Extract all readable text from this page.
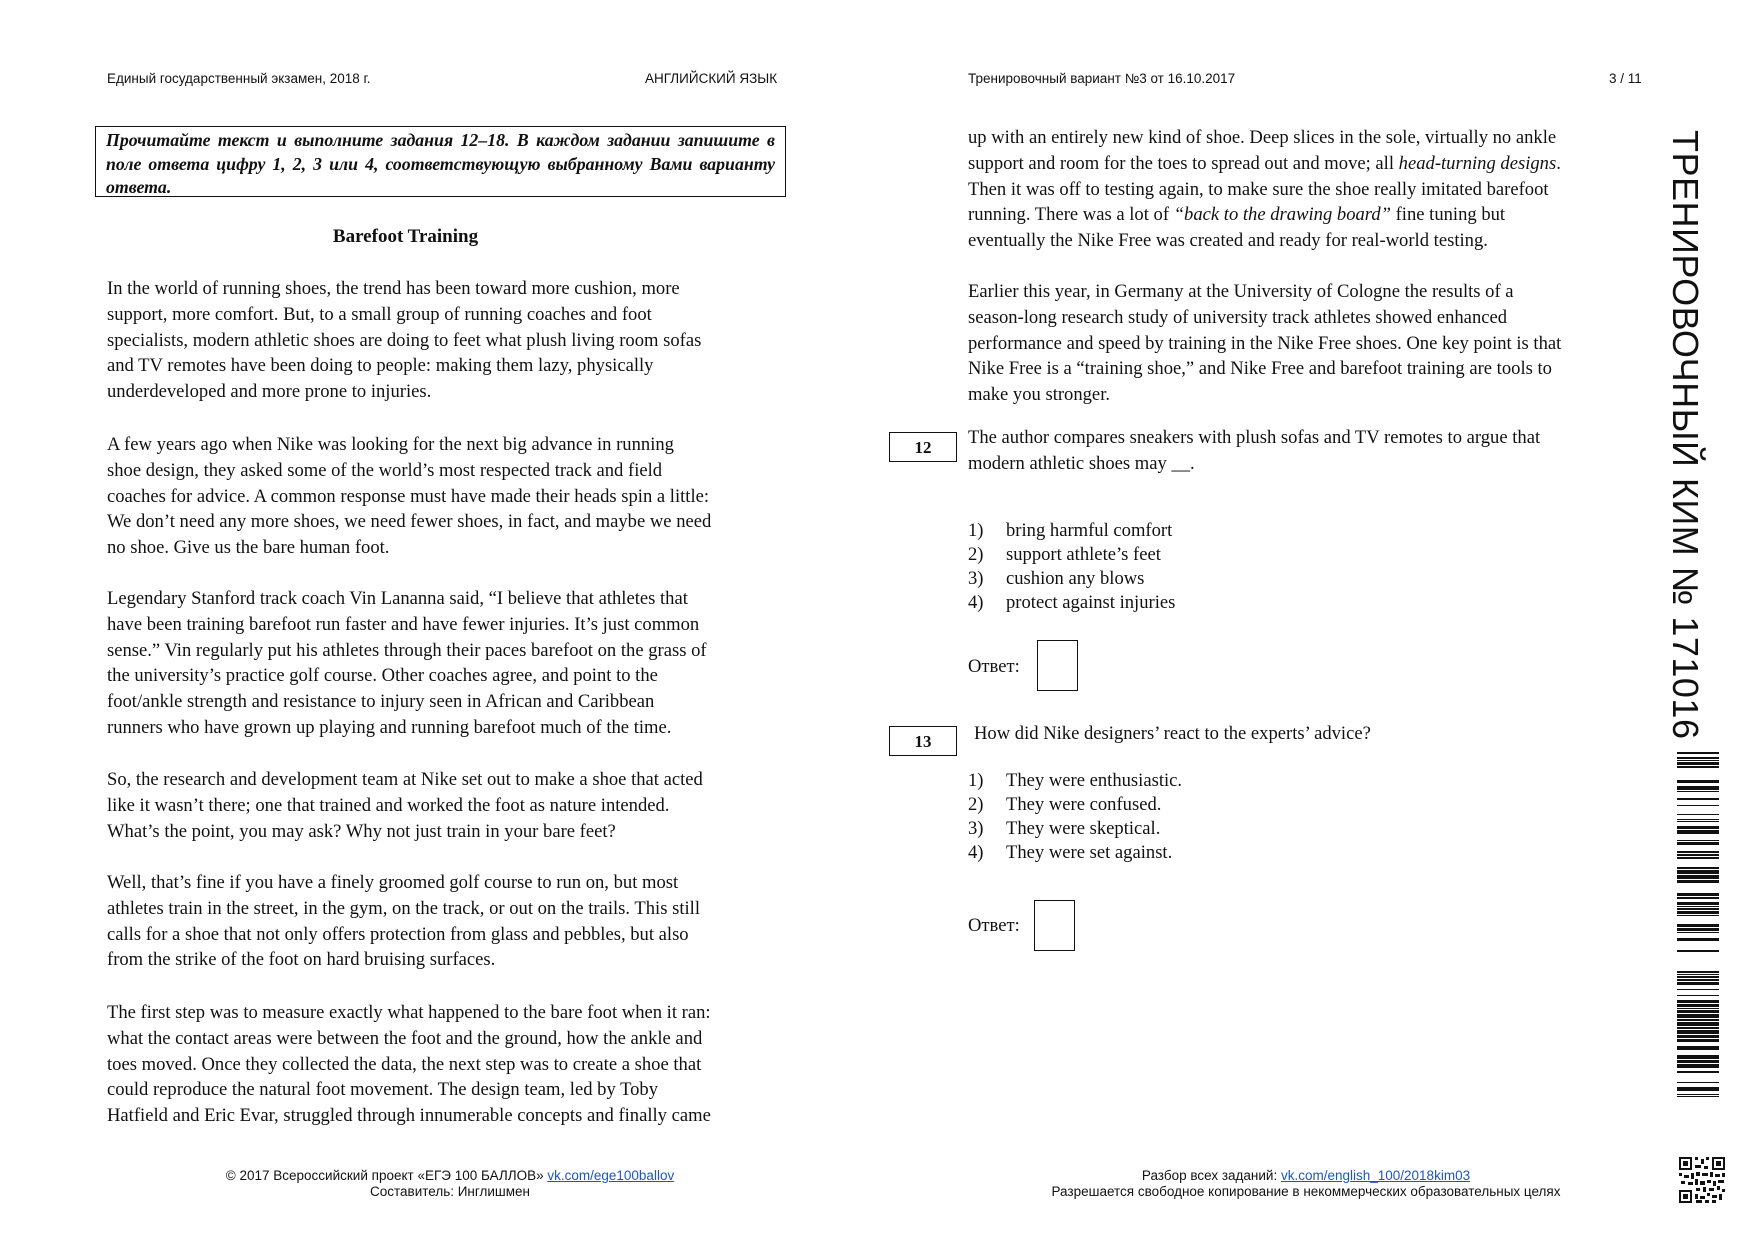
Единый государственный экзамен, 2018 г.	АНГЛИЙСКИЙ ЯЗЫК	Тренировочный вариант №3 от 16.10.2017	3 / 11
Прочитайте текст и выполните задания 12–18. В каждом задании запишите в поле ответа цифру 1, 2, 3 или 4, соответствующую выбранному Вами варианту ответа.
Barefoot Training

In the world of running shoes, the trend has been toward more cushion, more
support, more comfort. But, to a small group of running coaches and foot
specialists, modern athletic shoes are doing to feet what plush living room sofas
and TV remotes have been doing to people: making them lazy, physically
underdeveloped and more prone to injuries.

A few years ago when Nike was looking for the next big advance in running
shoe design, they asked some of the world’s most respected track and field
coaches for advice. A common response must have made their heads spin a little:
We don’t need any more shoes, we need fewer shoes, in fact, and maybe we need
no shoe. Give us the bare human foot.

Legendary Stanford track coach Vin Lananna said, “I believe that athletes that
have been training barefoot run faster and have fewer injuries. It’s just common
sense.” Vin regularly put his athletes through their paces barefoot on the grass of
the university’s practice golf course. Other coaches agree, and point to the
foot/ankle strength and resistance to injury seen in African and Caribbean
runners who have grown up playing and running barefoot much of the time.

So, the research and development team at Nike set out to make a shoe that acted
like it wasn’t there; one that trained and worked the foot as nature intended.
What’s the point, you may ask? Why not just train in your bare feet?

Well, that’s fine if you have a finely groomed golf course to run on, but most
athletes train in the street, in the gym, on the track, or out on the trails. This still
calls for a shoe that not only offers protection from glass and pebbles, but also
from the strike of the foot on hard bruising surfaces.

The first step was to measure exactly what happened to the bare foot when it ran:
what the contact areas were between the foot and the ground, how the ankle and
toes moved. Once they collected the data, the next step was to create a shoe that
could reproduce the natural foot movement. The design team, led by Toby
Hatfield and Eric Evar, struggled through innumerable concepts and finally came

up with an entirely new kind of shoe. Deep slices in the sole, virtually no ankle
support and room for the toes to spread out and move; all head-turning designs.
Then it was off to testing again, to make sure the shoe really imitated barefoot
running. There was a lot of “back to the drawing board” fine tuning but
eventually the Nike Free was created and ready for real-world testing.

Earlier this year, in Germany at the University of Cologne the results of a
season-long research study of university track athletes showed enhanced
performance and speed by training in the Nike Free shoes. One key point is that
Nike Free is a “training shoe,” and Nike Free and barefoot training are tools to
make you stronger.

12	The author compares sneakers with plush sofas and TV remotes to argue that
modern athletic shoes may __.

1) bring harmful comfort
2) support athlete’s feet
3) cushion any blows
4) protect against injuries
Ответ:
13	How did Nike designers’ react to the experts’ advice?

1) They were enthusiastic.
2) They were confused.
3) They were skeptical.
4) They were set against.
Ответ:
ТРЕНИРОВОЧНЫЙ КИМ № 171016
© 2017 Всероссийский проект «ЕГЭ 100 БАЛЛОВ» vk.com/ege100ballov
Составитель: Инглишмен
Разбор всех заданий: vk.com/english_100/2018kim03
Разрешается свободное копирование в некоммерческих образовательных целях
